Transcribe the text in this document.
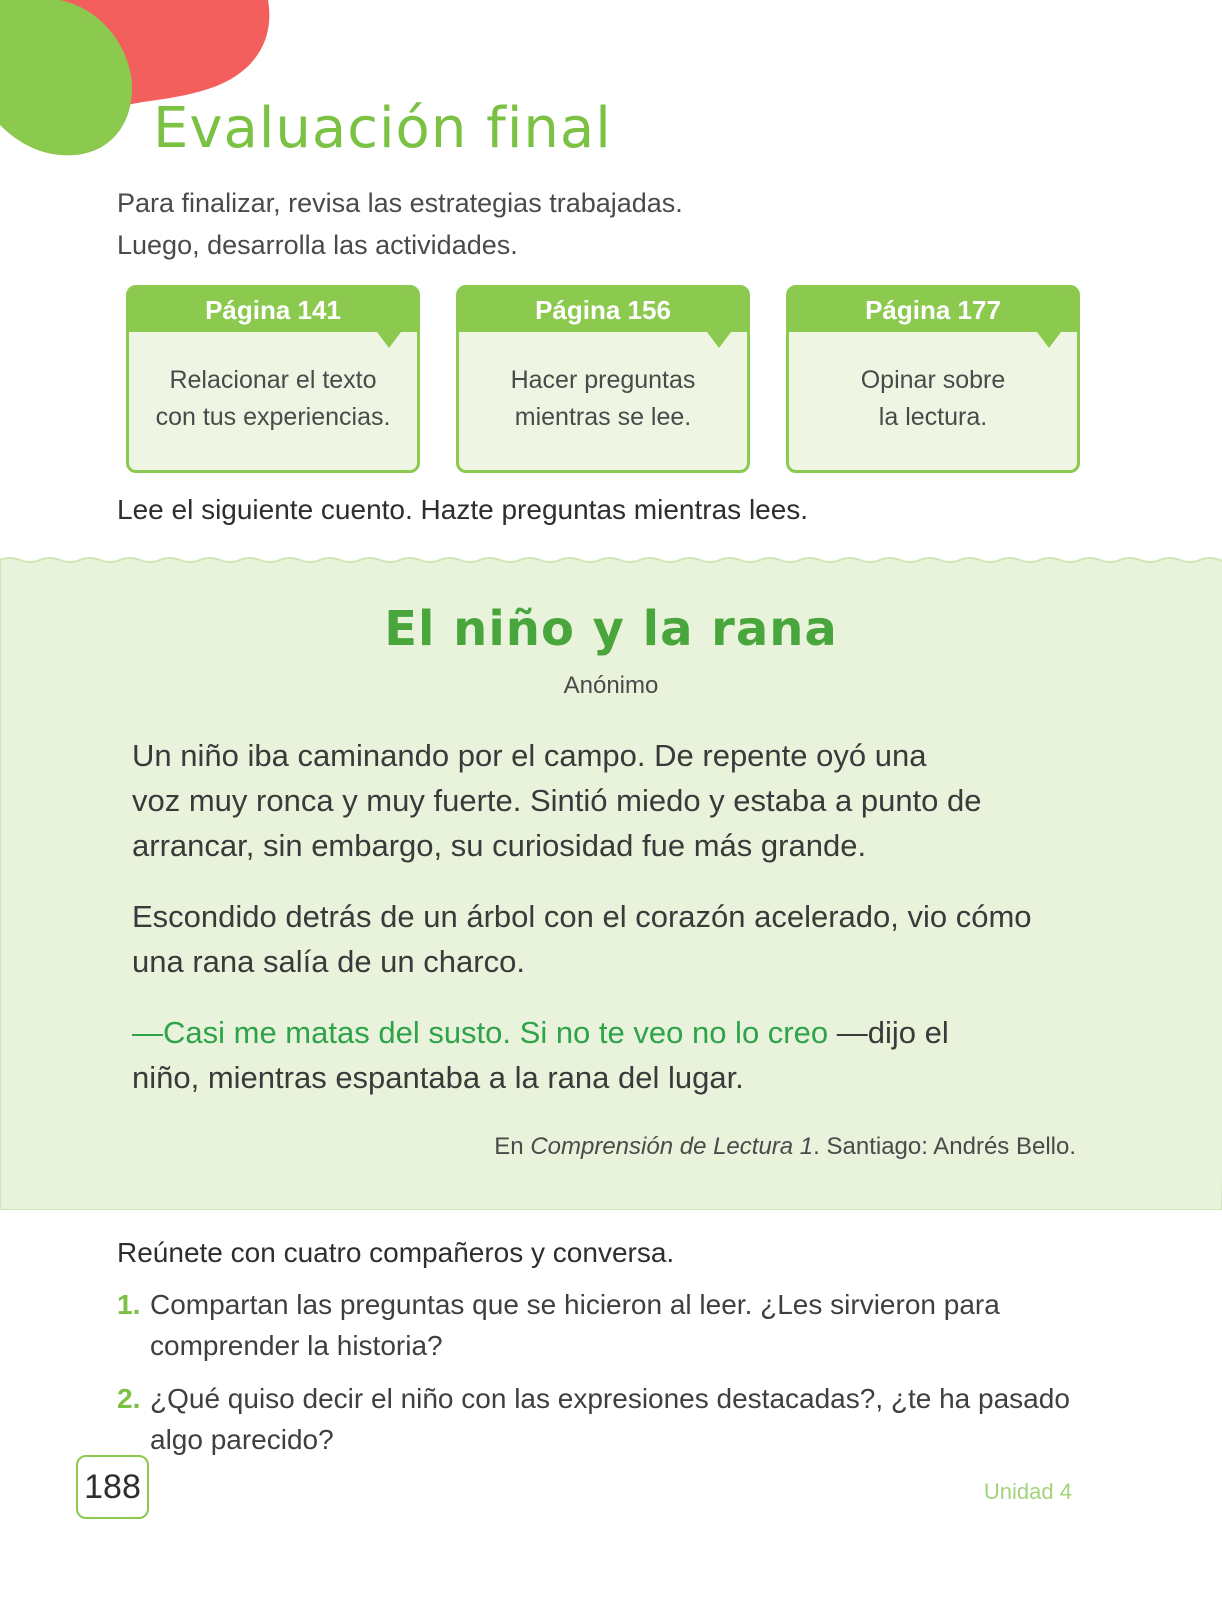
Evaluación final

Para finalizar, revisa las estrategias trabajadas.

Luego, desarrolla las actividades.

Página 141
Relacionar el texto
con tus experiencias.
Página 156
Hacer preguntas
mientras se lee.
Página 177
Opinar sobre
la lectura.

Lee el siguiente cuento. Hazte preguntas mientras lees.

El niño y la rana

Anónimo

Un niño iba caminando por el campo. De repente oyó una
voz muy ronca y muy fuerte. Sintió miedo y estaba a punto de
arrancar, sin embargo, su curiosidad fue más grande.

Escondido detrás de un árbol con el corazón acelerado, vio cómo
una rana salía de un charco.

—Casi me matas del susto. Si no te veo no lo creo —dijo el
niño, mientras espantaba a la rana del lugar.

En Comprensión de Lectura 1. Santiago: Andrés Bello.

Reúnete con cuatro compañeros y conversa.

1. Compartan las preguntas que se hicieron al leer. ¿Les sirvieron para
comprender la historia?
2. ¿Qué quiso decir el niño con las expresiones destacadas?, ¿te ha pasado
algo parecido?
188	Unidad 4
